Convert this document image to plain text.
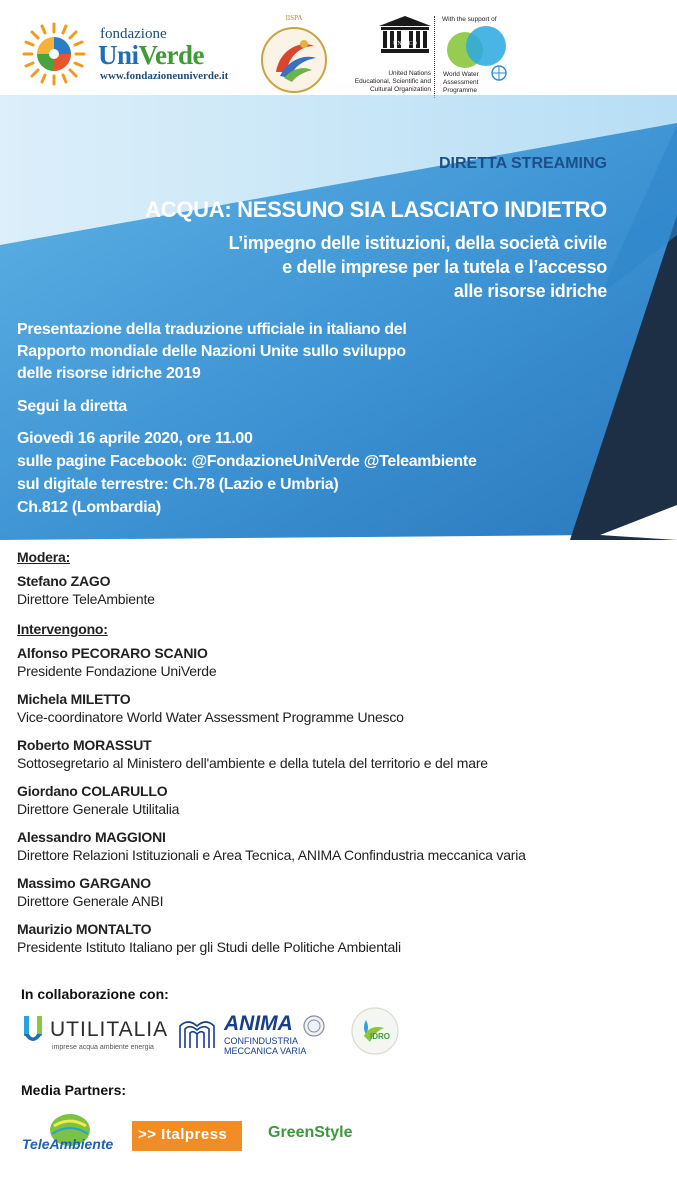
fondazione
UniVerde
www.fondazioneuniverde.it
IISPA
UNESCO
United Nations
Educational, Scientific and
Cultural Organization
With the support of
World Water
Assessment
Programme
DIRETTA STREAMING
ACQUA: NESSUNO SIA LASCIATO INDIETRO
L’impegno delle istituzioni, della società civile
e delle imprese per la tutela e l’accesso
alle risorse idriche
Presentazione della traduzione ufficiale in italiano del
Rapporto mondiale delle Nazioni Unite sullo sviluppo
delle risorse idriche 2019
Segui la diretta
Giovedì 16 aprile 2020, ore 11.00
sulle pagine Facebook: @FondazioneUniVerde @Teleambiente
sul digitale terrestre: Ch.78 (Lazio e Umbria)
Ch.812 (Lombardia)
Modera:
Stefano ZAGO
Direttore TeleAmbiente
Intervengono:
Alfonso PECORARO SCANIO
Presidente Fondazione UniVerde
Michela MILETTO
Vice-coordinatore World Water Assessment Programme Unesco
Roberto MORASSUT
Sottosegretario al Ministero dell'ambiente e della tutela del territorio e del mare
Giordano COLARULLO
Direttore Generale Utilitalia
Alessandro MAGGIONI
Direttore Relazioni Istituzionali e Area Tecnica, ANIMA Confindustria meccanica varia
Massimo GARGANO
Direttore Generale ANBI
Maurizio MONTALTO
Presidente Istituto Italiano per gli Studi delle Politiche Ambientali
In collaborazione con:
UTILITALIA
imprese acqua ambiente energia
ANIMA
CONFINDUSTRIA
MECCANICA VARIA
IDRO
Media Partners:
TeleAmbiente
>> Italpress	GreenStyle
